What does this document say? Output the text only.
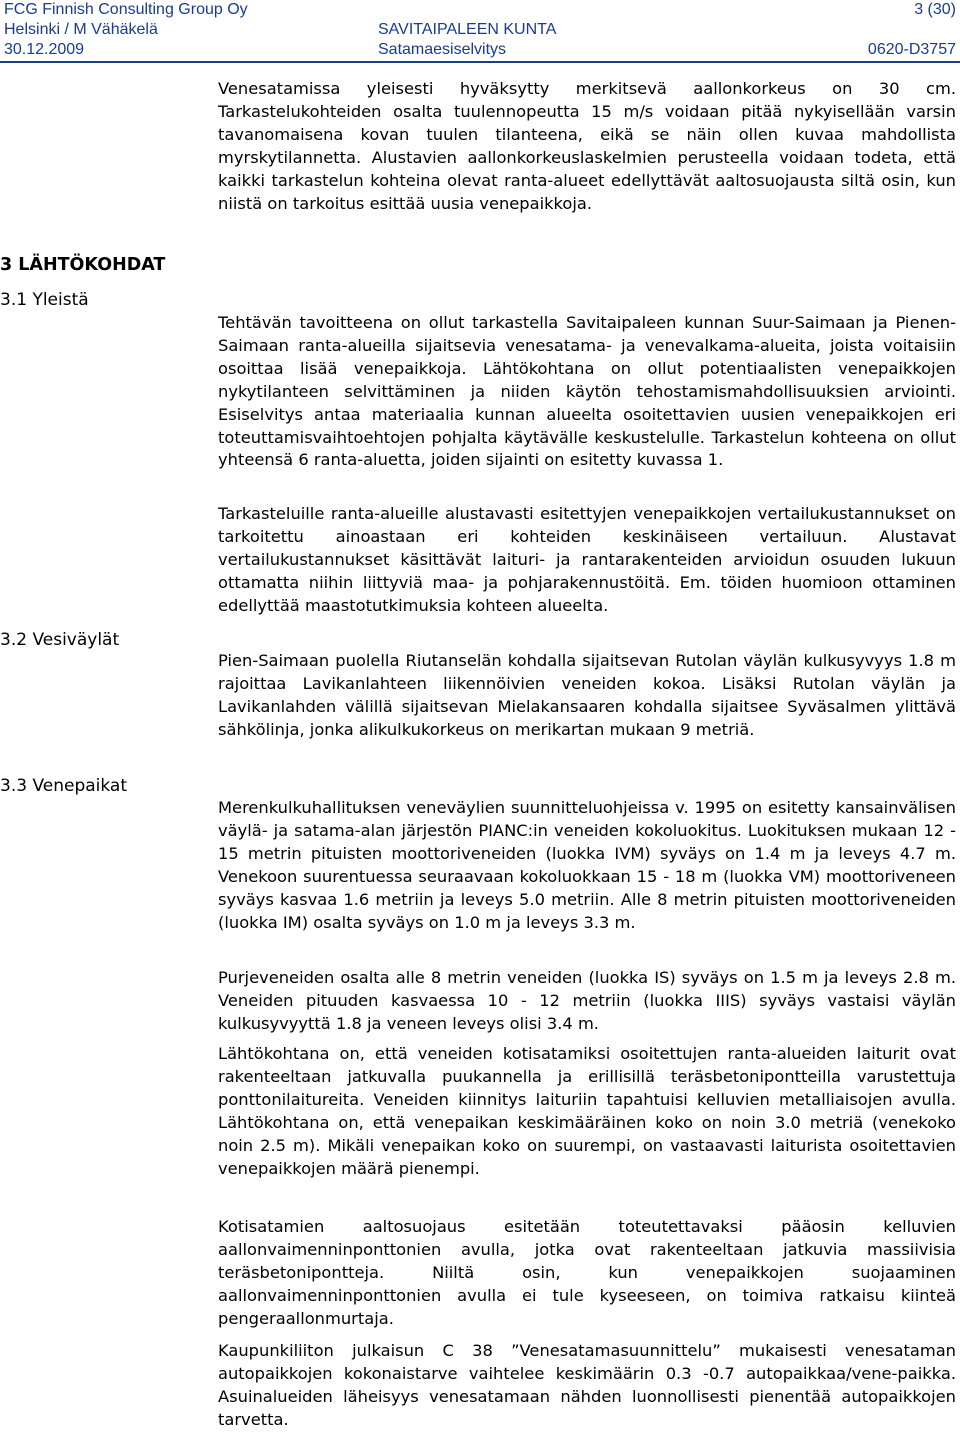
FCG Finnish Consulting Group Oy	3 (30)
Helsinki / M Vähäkelä	SAVITAIPALEEN KUNTA
30.12.2009	Satamaesiselvitys	0620-D3757
3 LÄHTÖKOHDAT
3.1 Yleistä
3.2 Vesiväylät
3.3 Venepaikat

Venesatamissa yleisesti hyväksytty merkitsevä aallonkorkeus on 30 cm. Tarkastelukohteiden osalta tuulennopeutta 15 m/s voidaan pitää nykyisellään varsin tavanomaisena kovan tuulen tilanteena, eikä se näin ollen kuvaa mahdollista myrskytilannetta. Alustavien aallonkorkeuslaskelmien perusteella voidaan todeta, että kaikki tarkastelun kohteina olevat ranta-alueet edellyttävät aaltosuojausta siltä osin, kun niistä on tarkoitus esittää uusia venepaikkoja.

Tehtävän tavoitteena on ollut tarkastella Savitaipaleen kunnan Suur-Saimaan ja Pienen-Saimaan ranta-alueilla sijaitsevia venesatama- ja venevalkama-alueita, joista voitaisiin osoittaa lisää venepaikkoja. Lähtökohtana on ollut potentiaalisten venepaikkojen nykytilanteen selvittäminen ja niiden käytön tehostamismahdollisuuksien arviointi. Esiselvitys antaa materiaalia kunnan alueelta osoitettavien uusien venepaikkojen eri toteuttamisvaihtoehtojen pohjalta käytävälle keskustelulle. Tarkastelun kohteena on ollut yhteensä 6 ranta-aluetta, joiden sijainti on esitetty kuvassa 1.

Tarkasteluille ranta-alueille alustavasti esitettyjen venepaikkojen vertailukustannukset on tarkoitettu ainoastaan eri kohteiden keskinäiseen vertailuun. Alustavat vertailukustannukset käsittävät laituri- ja rantarakenteiden arvioidun osuuden lukuun ottamatta niihin liittyviä maa- ja pohjarakennustöitä. Em. töiden huomioon ottaminen edellyttää maastotutkimuksia kohteen alueelta.

Pien-Saimaan puolella Riutanselän kohdalla sijaitsevan Rutolan väylän kulkusyvyys 1.8 m rajoittaa Lavikanlahteen liikennöivien veneiden kokoa. Lisäksi Rutolan väylän ja Lavikanlahden välillä sijaitsevan Mielakansaaren kohdalla sijaitsee Syväsalmen ylittävä sähkölinja, jonka alikulkukorkeus on merikartan mukaan 9 metriä.

Merenkulkuhallituksen veneväylien suunnitteluohjeissa v. 1995 on esitetty kansainvälisen väylä- ja satama-alan järjestön PIANC:in veneiden kokoluokitus. Luokituksen mukaan 12 - 15 metrin pituisten moottoriveneiden (luokka IVM) syväys on 1.4 m ja leveys 4.7 m. Venekoon suurentuessa seuraavaan kokoluokkaan 15 - 18 m (luokka VM) moottoriveneen syväys kasvaa 1.6 metriin ja leveys 5.0 metriin. Alle 8 metrin pituisten moottoriveneiden (luokka IM) osalta syväys on 1.0 m ja leveys 3.3 m.

Purjeveneiden osalta alle 8 metrin veneiden (luokka IS) syväys on 1.5 m ja leveys 2.8 m. Veneiden pituuden kasvaessa 10 - 12 metriin (luokka IIIS) syväys vastaisi väylän kulkusyvyyttä 1.8 ja veneen leveys olisi 3.4 m.

Lähtökohtana on, että veneiden kotisatamiksi osoitettujen ranta-alueiden laiturit ovat rakenteeltaan jatkuvalla puukannella ja erillisillä teräsbetonipontteilla varustettuja ponttonilaitureita. Veneiden kiinnitys laituriin tapahtuisi kelluvien metalliaisojen avulla. Lähtökohtana on, että venepaikan keskimääräinen koko on noin 3.0 metriä (venekoko noin 2.5 m). Mikäli venepaikan koko on suurempi, on vastaavasti laiturista osoitettavien venepaikkojen määrä pienempi.

Kotisatamien aaltosuojaus esitetään toteutettavaksi pääosin kelluvien aallonvaimenninponttonien avulla, jotka ovat rakenteeltaan jatkuvia massiivisia teräsbetonipontteja. Niiltä osin, kun venepaikkojen suojaaminen aallonvaimenninponttonien avulla ei tule kyseeseen, on toimiva ratkaisu kiinteä pengeraallonmurtaja.

Kaupunkiliiton julkaisun C 38 ”Venesatamasuunnittelu” mukaisesti venesataman autopaikkojen kokonaistarve vaihtelee keskimäärin 0.3 -0.7 autopaikkaa/vene-paikka. Asuinalueiden läheisyys venesatamaan nähden luonnollisesti pienentää autopaikkojen tarvetta.
